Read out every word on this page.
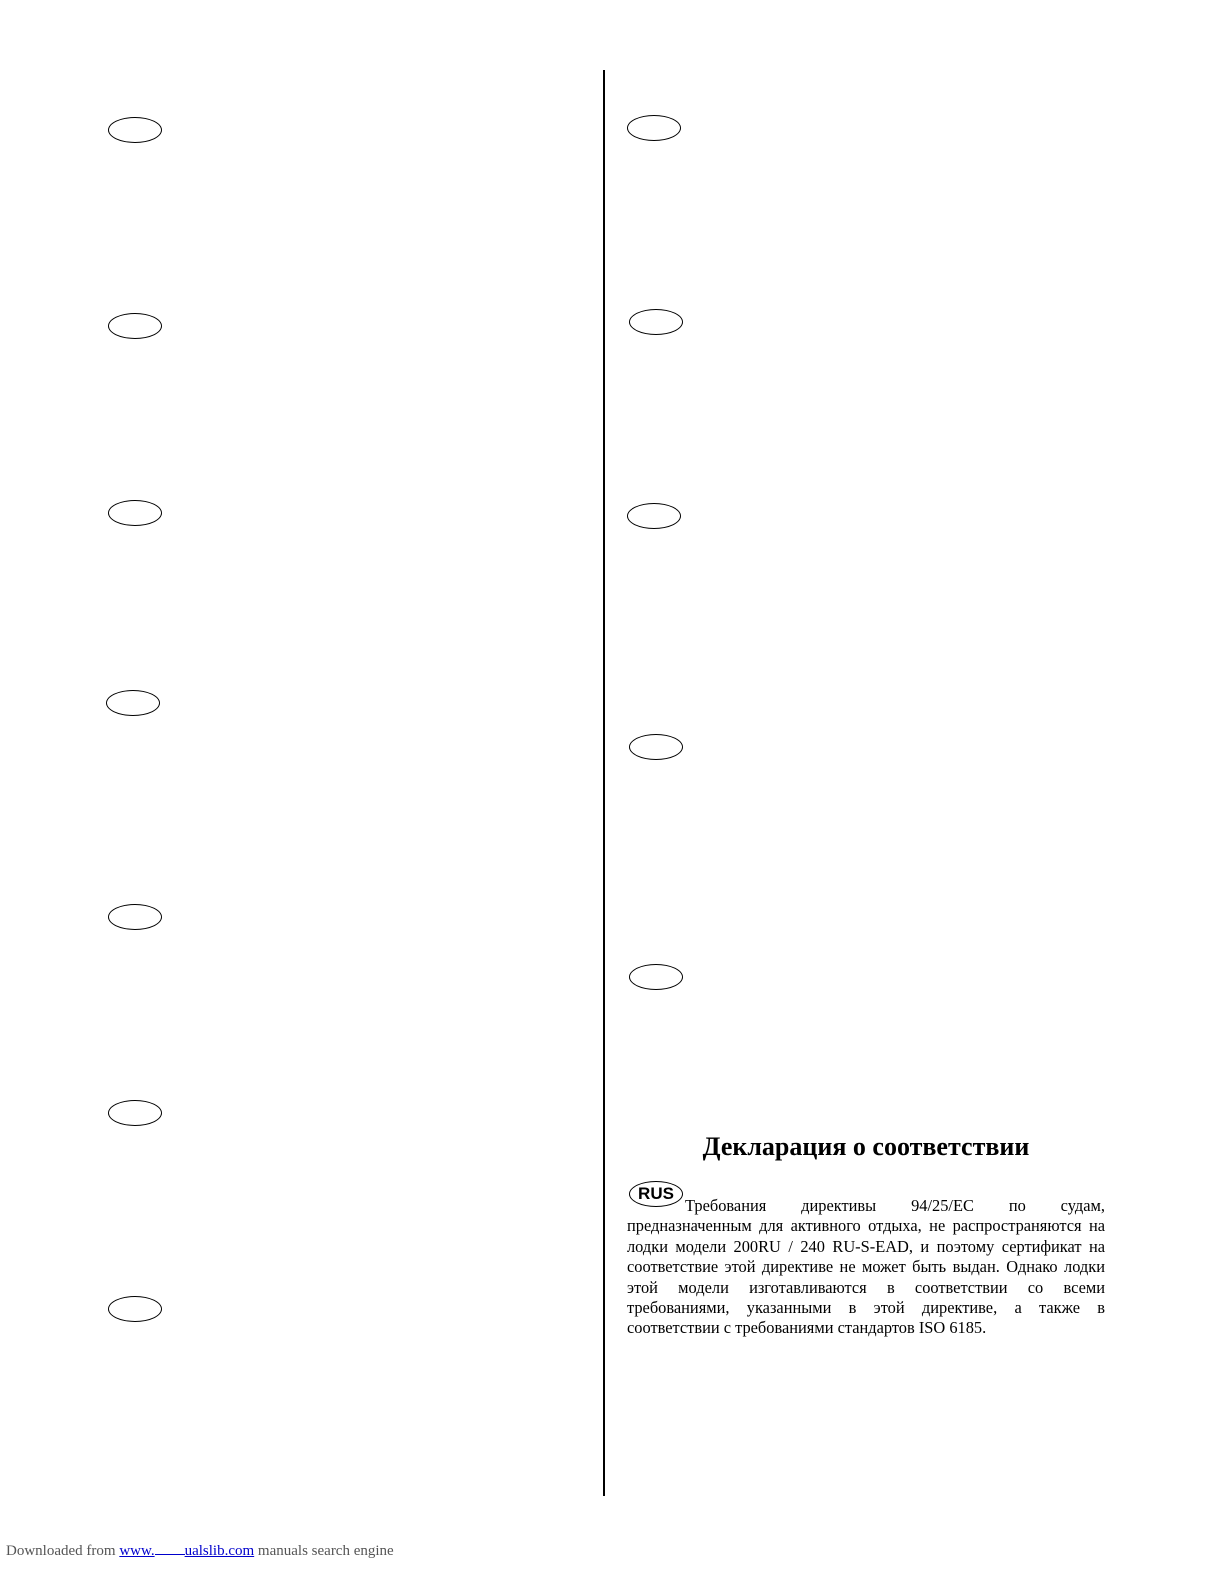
Декларация о соответствии
RUS

Требования директивы 94/25/EC по судам, предназначенным для активного отдыха, не распространяются на лодки модели 200RU / 240 RU-S-EAD, и поэтому сертификат на соответствие этой директиве не может быть выдан. Однако лодки этой модели изготавливаются в соответствии со всеми требованиями, указанными в этой директиве, а также в соответствии с требованиями стандартов ISO 6185.

Downloaded from www. ualslib.com manuals search engine
